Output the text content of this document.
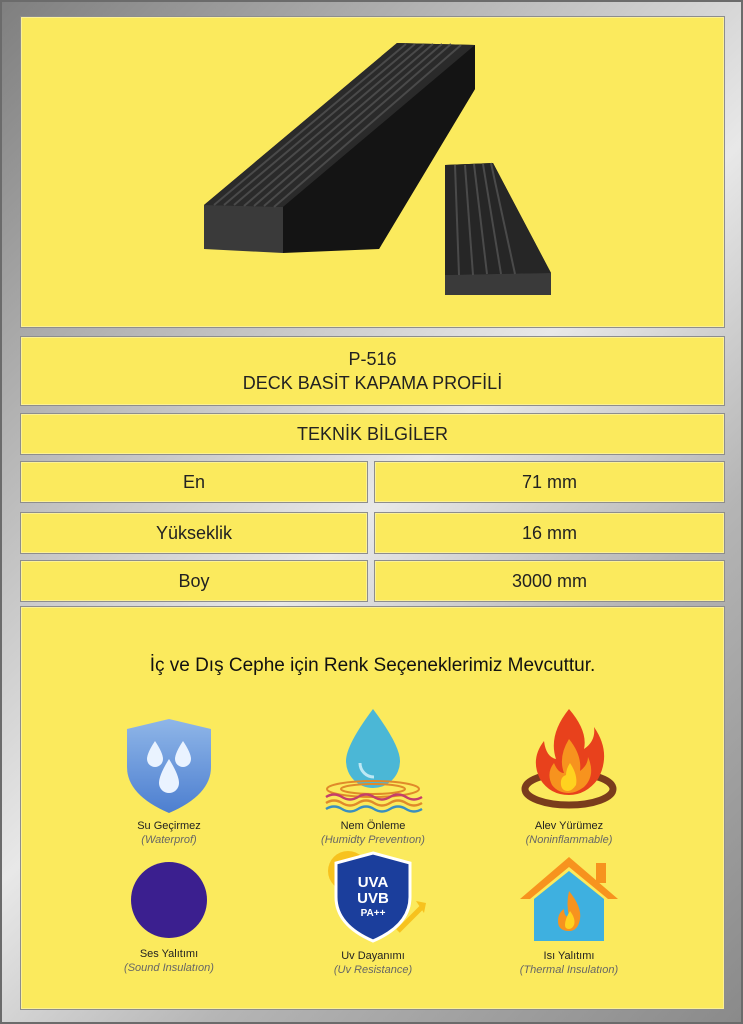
P-516
DECK BASİT KAPAMA PROFİLİ
TEKNİK BİLGİLER
En	71 mm
Yükseklik	16 mm
Boy	3000 mm
İç ve Dış Cephe için Renk Seçeneklerimiz Mevcuttur.
Su Geçirmez
(Waterprof)
Nem Önleme
(Humidty Preventıon)
Alev Yürümez
(Noninflammable)
Ses Yalıtımı
(Sound Insulatıon)
UVA
UVB
PA++
Uv Dayanımı
(Uv Resistance)
Isı Yalıtımı
(Thermal Insulatıon)
